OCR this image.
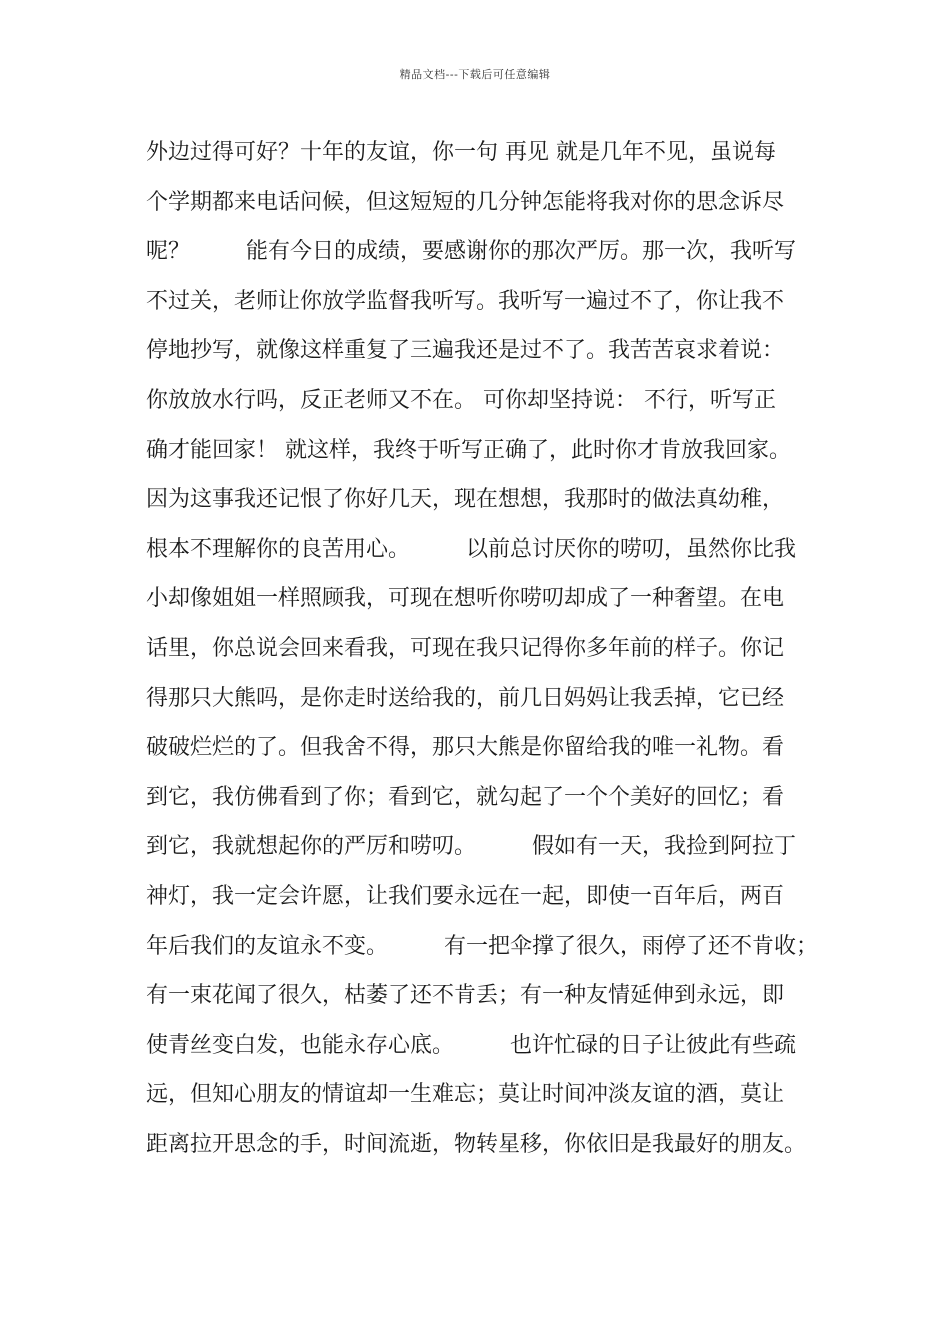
精品文档---下载后可任意编辑
外边过得可好？十年的友谊，你一句 再见 就是几年不见，虽说每
个学期都来电话问候，但这短短的几分钟怎能将我对你的思念诉尽
呢？        能有今日的成绩，要感谢你的那次严厉。那一次，我听写
不过关，老师让你放学监督我听写。我听写一遍过不了，你让我不
停地抄写，就像这样重复了三遍我还是过不了。我苦苦哀求着说：
你放放水行吗，反正老师又不在。 可你却坚持说： 不行，听写正
确才能回家！ 就这样，我终于听写正确了，此时你才肯放我回家。
因为这事我还记恨了你好几天，现在想想，我那时的做法真幼稚，
根本不理解你的良苦用心。        以前总讨厌你的唠叨，虽然你比我
小却像姐姐一样照顾我，可现在想听你唠叨却成了一种奢望。在电
话里，你总说会回来看我，可现在我只记得你多年前的样子。你记
得那只大熊吗，是你走时送给我的，前几日妈妈让我丢掉，它已经
破破烂烂的了。但我舍不得，那只大熊是你留给我的唯一礼物。看
到它，我仿佛看到了你；看到它，就勾起了一个个美好的回忆；看
到它，我就想起你的严厉和唠叨。        假如有一天，我捡到阿拉丁
神灯，我一定会许愿，让我们要永远在一起，即使一百年后，两百
年后我们的友谊永不变。        有一把伞撑了很久，雨停了还不肯收；
有一束花闻了很久，枯萎了还不肯丢；有一种友情延伸到永远，即
使青丝变白发，也能永存心底。        也许忙碌的日子让彼此有些疏
远，但知心朋友的情谊却一生难忘；莫让时间冲淡友谊的酒，莫让
距离拉开思念的手，时间流逝，物转星移，你依旧是我最好的朋友。
